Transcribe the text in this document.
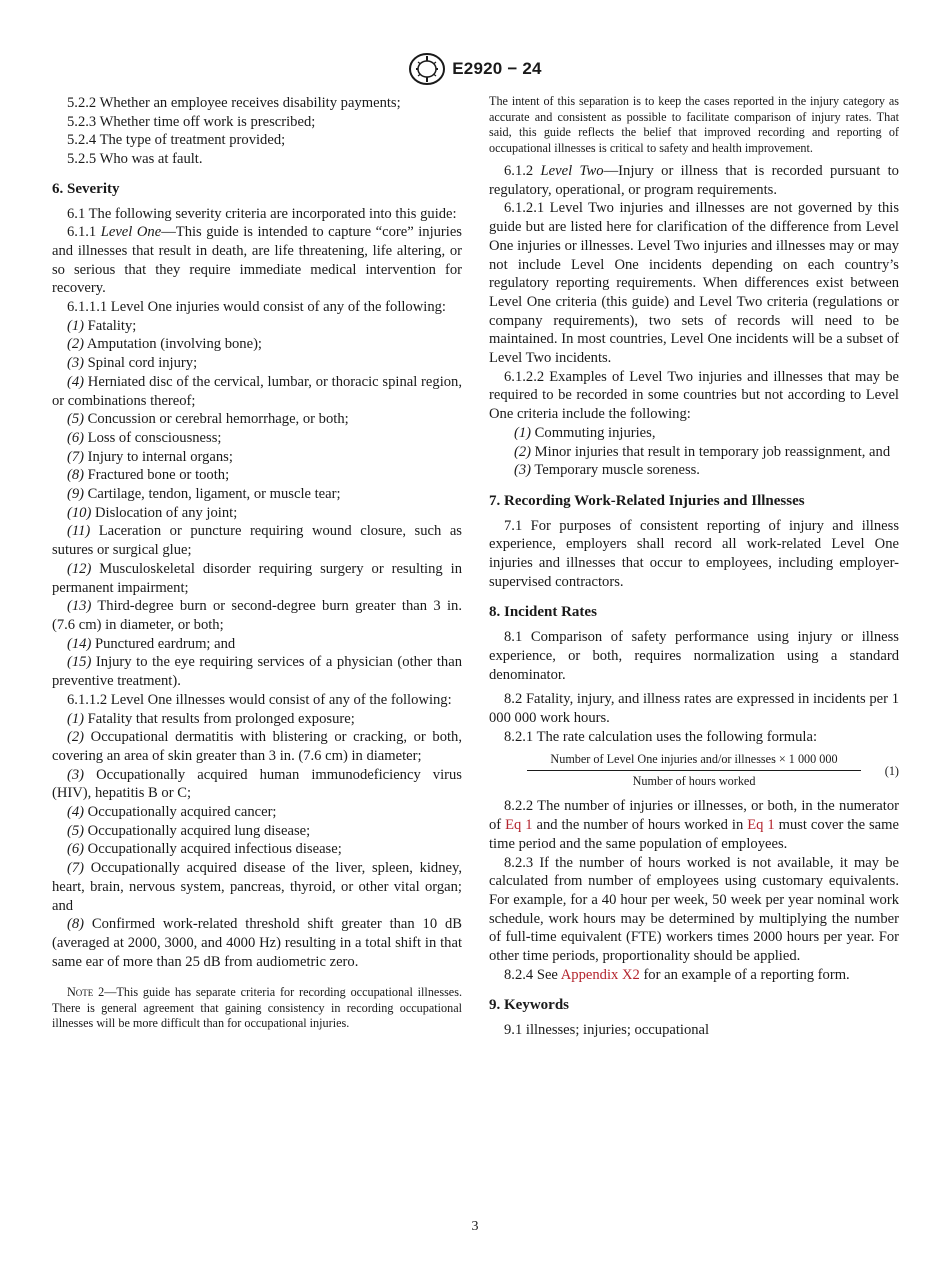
E2920 − 24

5.2.2 Whether an employee receives disability payments;

5.2.3 Whether time off work is prescribed;

5.2.4 The type of treatment provided;

5.2.5 Who was at fault.

6. Severity

6.1 The following severity criteria are incorporated into this guide:

6.1.1 Level One—This guide is intended to capture “core” injuries and illnesses that result in death, are life threatening, life altering, or so serious that they require immediate medical intervention for recovery.

6.1.1.1 Level One injuries would consist of any of the following:

(1) Fatality;

(2) Amputation (involving bone);

(3) Spinal cord injury;

(4) Herniated disc of the cervical, lumbar, or thoracic spinal region, or combinations thereof;

(5) Concussion or cerebral hemorrhage, or both;

(6) Loss of consciousness;

(7) Injury to internal organs;

(8) Fractured bone or tooth;

(9) Cartilage, tendon, ligament, or muscle tear;

(10) Dislocation of any joint;

(11) Laceration or puncture requiring wound closure, such as sutures or surgical glue;

(12) Musculoskeletal disorder requiring surgery or resulting in permanent impairment;

(13) Third-degree burn or second-degree burn greater than 3 in. (7.6 cm) in diameter, or both;

(14) Punctured eardrum; and

(15) Injury to the eye requiring services of a physician (other than preventive treatment).

6.1.1.2 Level One illnesses would consist of any of the following:

(1) Fatality that results from prolonged exposure;

(2) Occupational dermatitis with blistering or cracking, or both, covering an area of skin greater than 3 in. (7.6 cm) in diameter;

(3) Occupationally acquired human immunodeficiency virus (HIV), hepatitis B or C;

(4) Occupationally acquired cancer;

(5) Occupationally acquired lung disease;

(6) Occupationally acquired infectious disease;

(7) Occupationally acquired disease of the liver, spleen, kidney, heart, brain, nervous system, pancreas, thyroid, or other vital organ; and

(8) Confirmed work-related threshold shift greater than 10 dB (averaged at 2000, 3000, and 4000 Hz) resulting in a total shift in that same ear of more than 25 dB from audiometric zero.

Note 2—This guide has separate criteria for recording occupational illnesses. There is general agreement that gaining consistency in recording occupational illnesses will be more difficult than for occupational injuries.

The intent of this separation is to keep the cases reported in the injury category as accurate and consistent as possible to facilitate comparison of injury rates. That said, this guide reflects the belief that improved recording and reporting of occupational illnesses is critical to safety and health improvement.

6.1.2 Level Two—Injury or illness that is recorded pursuant to regulatory, operational, or program requirements.

6.1.2.1 Level Two injuries and illnesses are not governed by this guide but are listed here for clarification of the difference from Level One injuries or illnesses. Level Two injuries and illnesses may or may not include Level One incidents depending on each country’s regulatory reporting requirements. When differences exist between Level One criteria (this guide) and Level Two criteria (regulations or company requirements), two sets of records will need to be maintained. In most countries, Level One incidents will be a subset of Level Two incidents.

6.1.2.2 Examples of Level Two injuries and illnesses that may be required to be recorded in some countries but not according to Level One criteria include the following:

(1) Commuting injuries,

(2) Minor injuries that result in temporary job reassignment, and

(3) Temporary muscle soreness.

7. Recording Work-Related Injuries and Illnesses

7.1 For purposes of consistent reporting of injury and illness experience, employers shall record all work-related Level One injuries and illnesses that occur to employees, including employer-supervised contractors.

8. Incident Rates

8.1 Comparison of safety performance using injury or illness experience, or both, requires normalization using a standard denominator.

8.2 Fatality, injury, and illness rates are expressed in incidents per 1 000 000 work hours.

8.2.1 The rate calculation uses the following formula:

$\frac{\text{Number of Level One injuries and/or illnesses × 1 000 000}}{\text{Number of hours worked}} (1)$

8.2.2 The number of injuries or illnesses, or both, in the numerator of Eq 1 and the number of hours worked in Eq 1 must cover the same time period and the same population of employees.

8.2.3 If the number of hours worked is not available, it may be calculated from number of employees using customary equivalents. For example, for a 40 hour per week, 50 week per year nominal work schedule, work hours may be determined by multiplying the number of full-time equivalent (FTE) workers times 2000 hours per year. For other time periods, proportionality should be applied.

8.2.4 See Appendix X2 for an example of a reporting form.

9. Keywords

9.1 illnesses; injuries; occupational

3
